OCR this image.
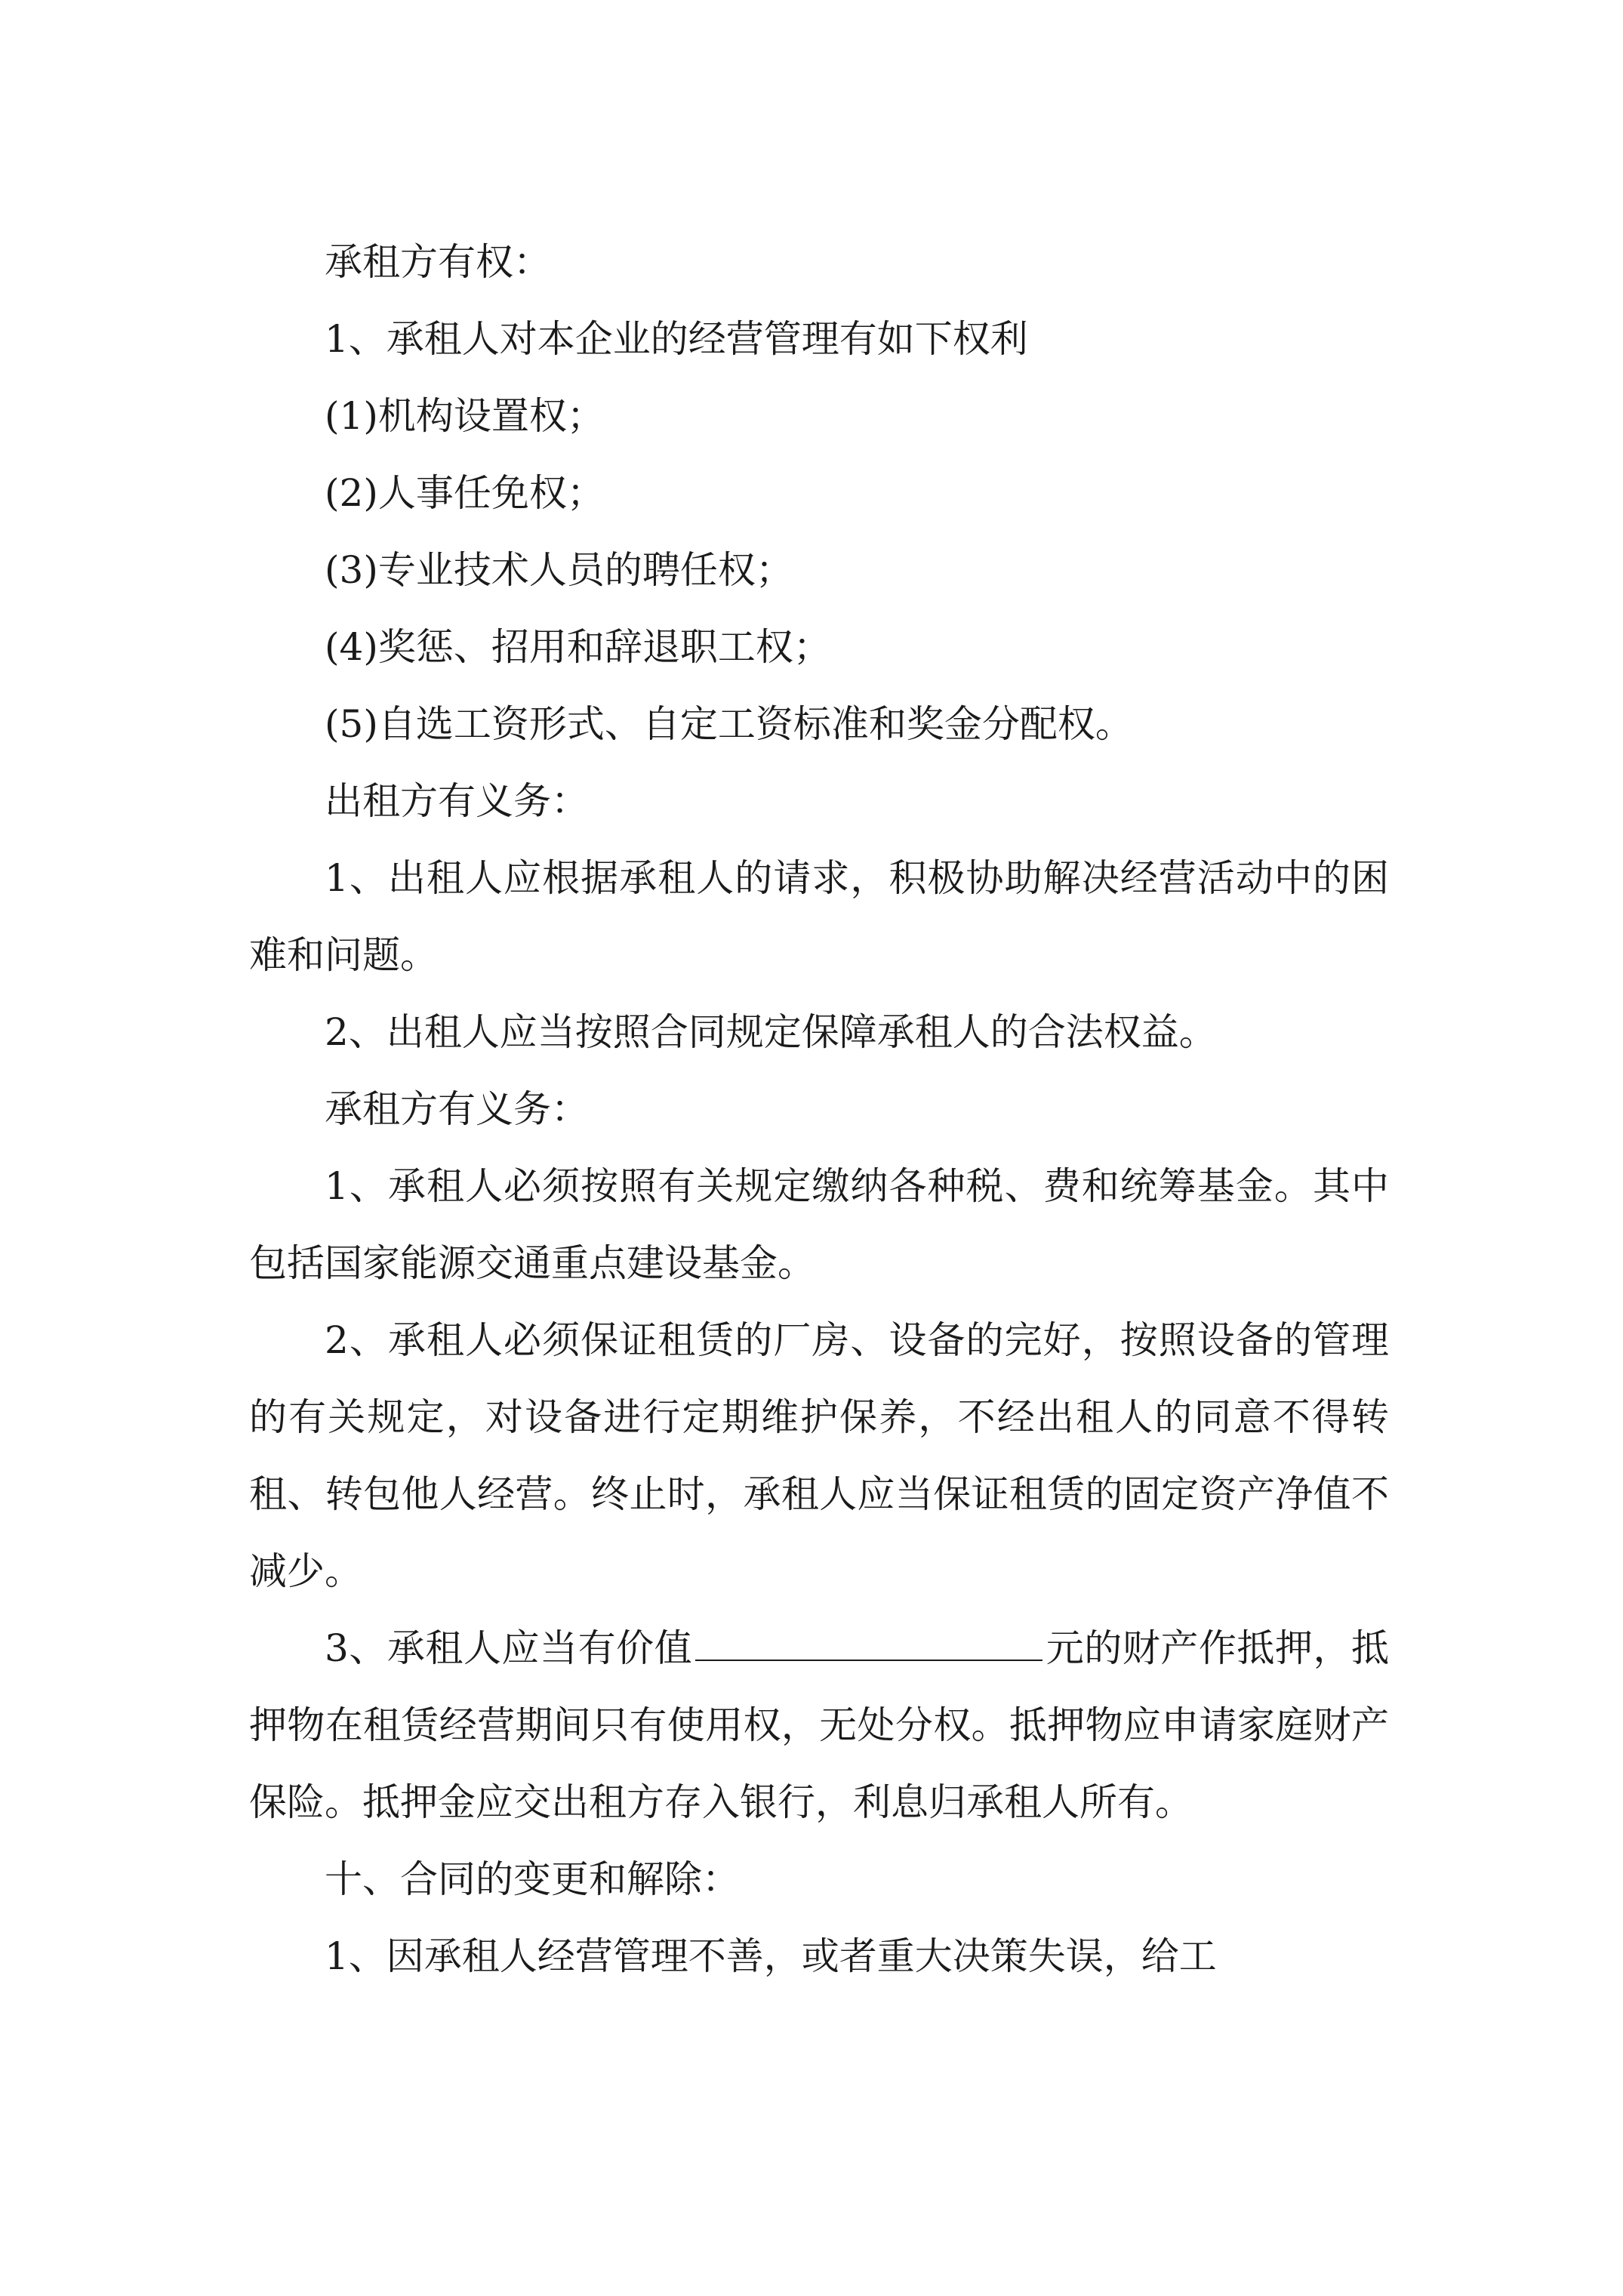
承租方有权：

1、承租人对本企业的经营管理有如下权利

(1)机构设置权；

(2)人事任免权；

(3)专业技术人员的聘任权；

(4)奖惩、招用和辞退职工权；

(5)自选工资形式、自定工资标准和奖金分配权。

出租方有义务：

1、出租人应根据承租人的请求，积极协助解决经营活动中的困难和问题。

2、出租人应当按照合同规定保障承租人的合法权益。

承租方有义务：

1、承租人必须按照有关规定缴纳各种税、费和统筹基金。其中包括国家能源交通重点建设基金。

2、承租人必须保证租赁的厂房、设备的完好，按照设备的管理的有关规定，对设备进行定期维护保养，不经出租人的同意不得转租、转包他人经营。终止时，承租人应当保证租赁的固定资产净值不减少。

3、承租人应当有价值	元的财产作抵押，抵押物在租赁经营期间只有使用权，无处分权。抵押物应申请家庭财产保险。抵押金应交出租方存入银行，利息归承租人所有。

十、合同的变更和解除：

1、因承租人经营管理不善，或者重大决策失误，给工
